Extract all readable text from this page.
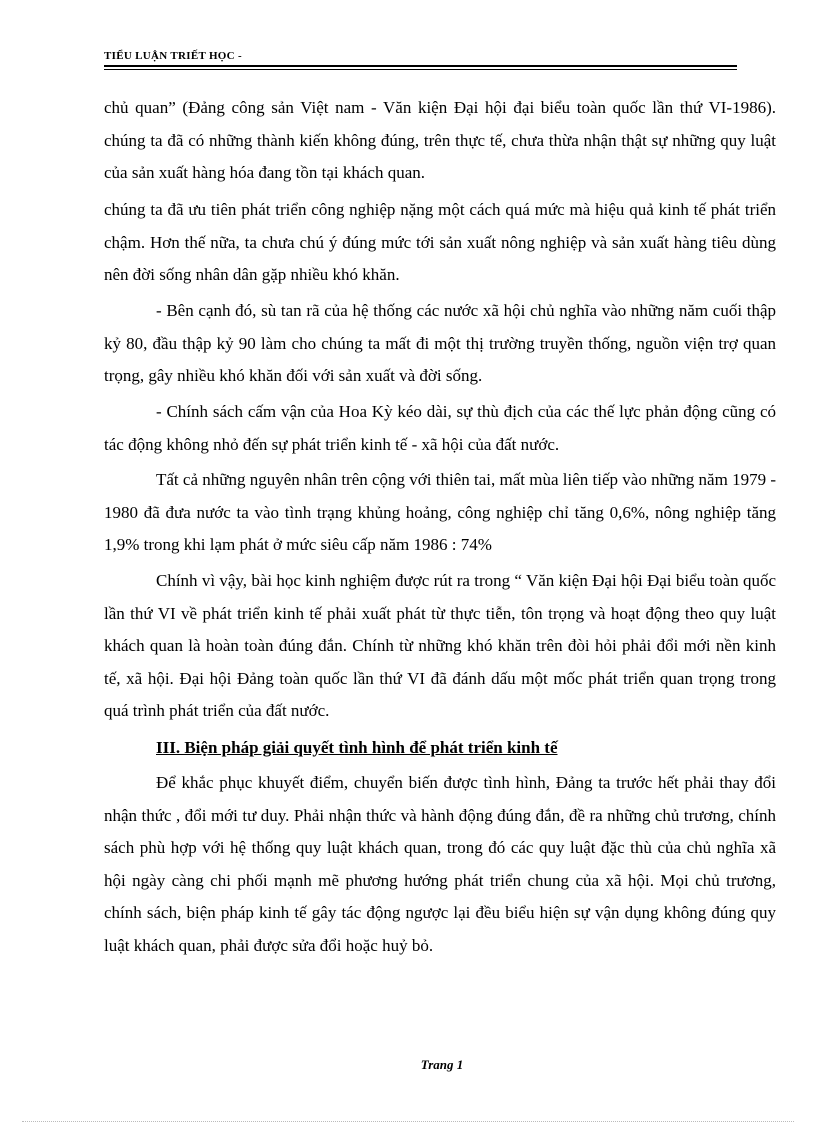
TIỂU LUẬN TRIẾT HỌC -

chủ quan” (Đảng công sản Việt nam - Văn kiện Đại hội đại biểu toàn quốc lần thứ VI-1986). chúng ta đã có những thành kiến không đúng, trên thực tế, chưa thừa nhận thật sự những quy luật của sản xuất hàng hóa đang tồn tại khách quan.

chúng ta đã ưu tiên phát triển công nghiệp nặng một cách quá mức mà hiệu quả kinh tế phát triển chậm. Hơn thế nữa, ta chưa chú ý đúng mức tới sản xuất nông nghiệp và sản xuất hàng tiêu dùng nên đời sống nhân dân gặp nhiều khó khăn.

- Bên cạnh đó, sù tan rã của hệ thống các nước xã hội chủ nghĩa vào những năm cuối thập kỷ 80, đầu thập kỷ 90 làm cho chúng ta mất đi một thị trường truyền thống, nguồn viện trợ quan trọng, gây nhiều khó khăn đối với sản xuất và đời sống.

- Chính sách cấm vận của Hoa Kỳ kéo dài, sự thù địch của các thế lực phản động cũng có tác động không nhỏ đến sự phát triển kinh tế - xã hội của đất nước.

Tất cả những nguyên nhân trên cộng với thiên tai, mất mùa liên tiếp vào những năm 1979 - 1980 đã đưa nước ta vào tình trạng khủng hoảng, công nghiệp chỉ tăng 0,6%, nông nghiệp tăng 1,9% trong khi lạm phát ở mức siêu cấp năm 1986 : 74%

Chính vì vậy, bài học kinh nghiệm được rút ra trong “ Văn kiện Đại hội Đại biểu toàn quốc lần thứ VI về phát triển kinh tế phải xuất phát từ thực tiễn, tôn trọng và hoạt động theo quy luật khách quan là hoàn toàn đúng đắn. Chính từ những khó khăn trên đòi hỏi phải đổi mới nền kinh tế, xã hội. Đại hội Đảng toàn quốc lần thứ VI đã đánh dấu một mốc phát triển quan trọng trong quá trình phát triển của đất nước.

III. Biện pháp giải quyết tình hình để phát triển kinh tế

Để khắc phục khuyết điểm, chuyển biến được tình hình, Đảng ta trước hết phải thay đổi nhận thức , đổi mới tư duy. Phải nhận thức và hành động đúng đắn, đề ra những chủ trương, chính sách phù hợp với hệ thống quy luật khách quan, trong đó các quy luật đặc thù của chủ nghĩa xã hội ngày càng chi phối mạnh mẽ phương hướng phát triển chung của xã hội. Mọi chủ trương, chính sách, biện pháp kinh tế gây tác động ngược lại đều biểu hiện sự vận dụng không đúng quy luật khách quan, phải được sửa đổi hoặc huỷ bỏ.

Trang 1
